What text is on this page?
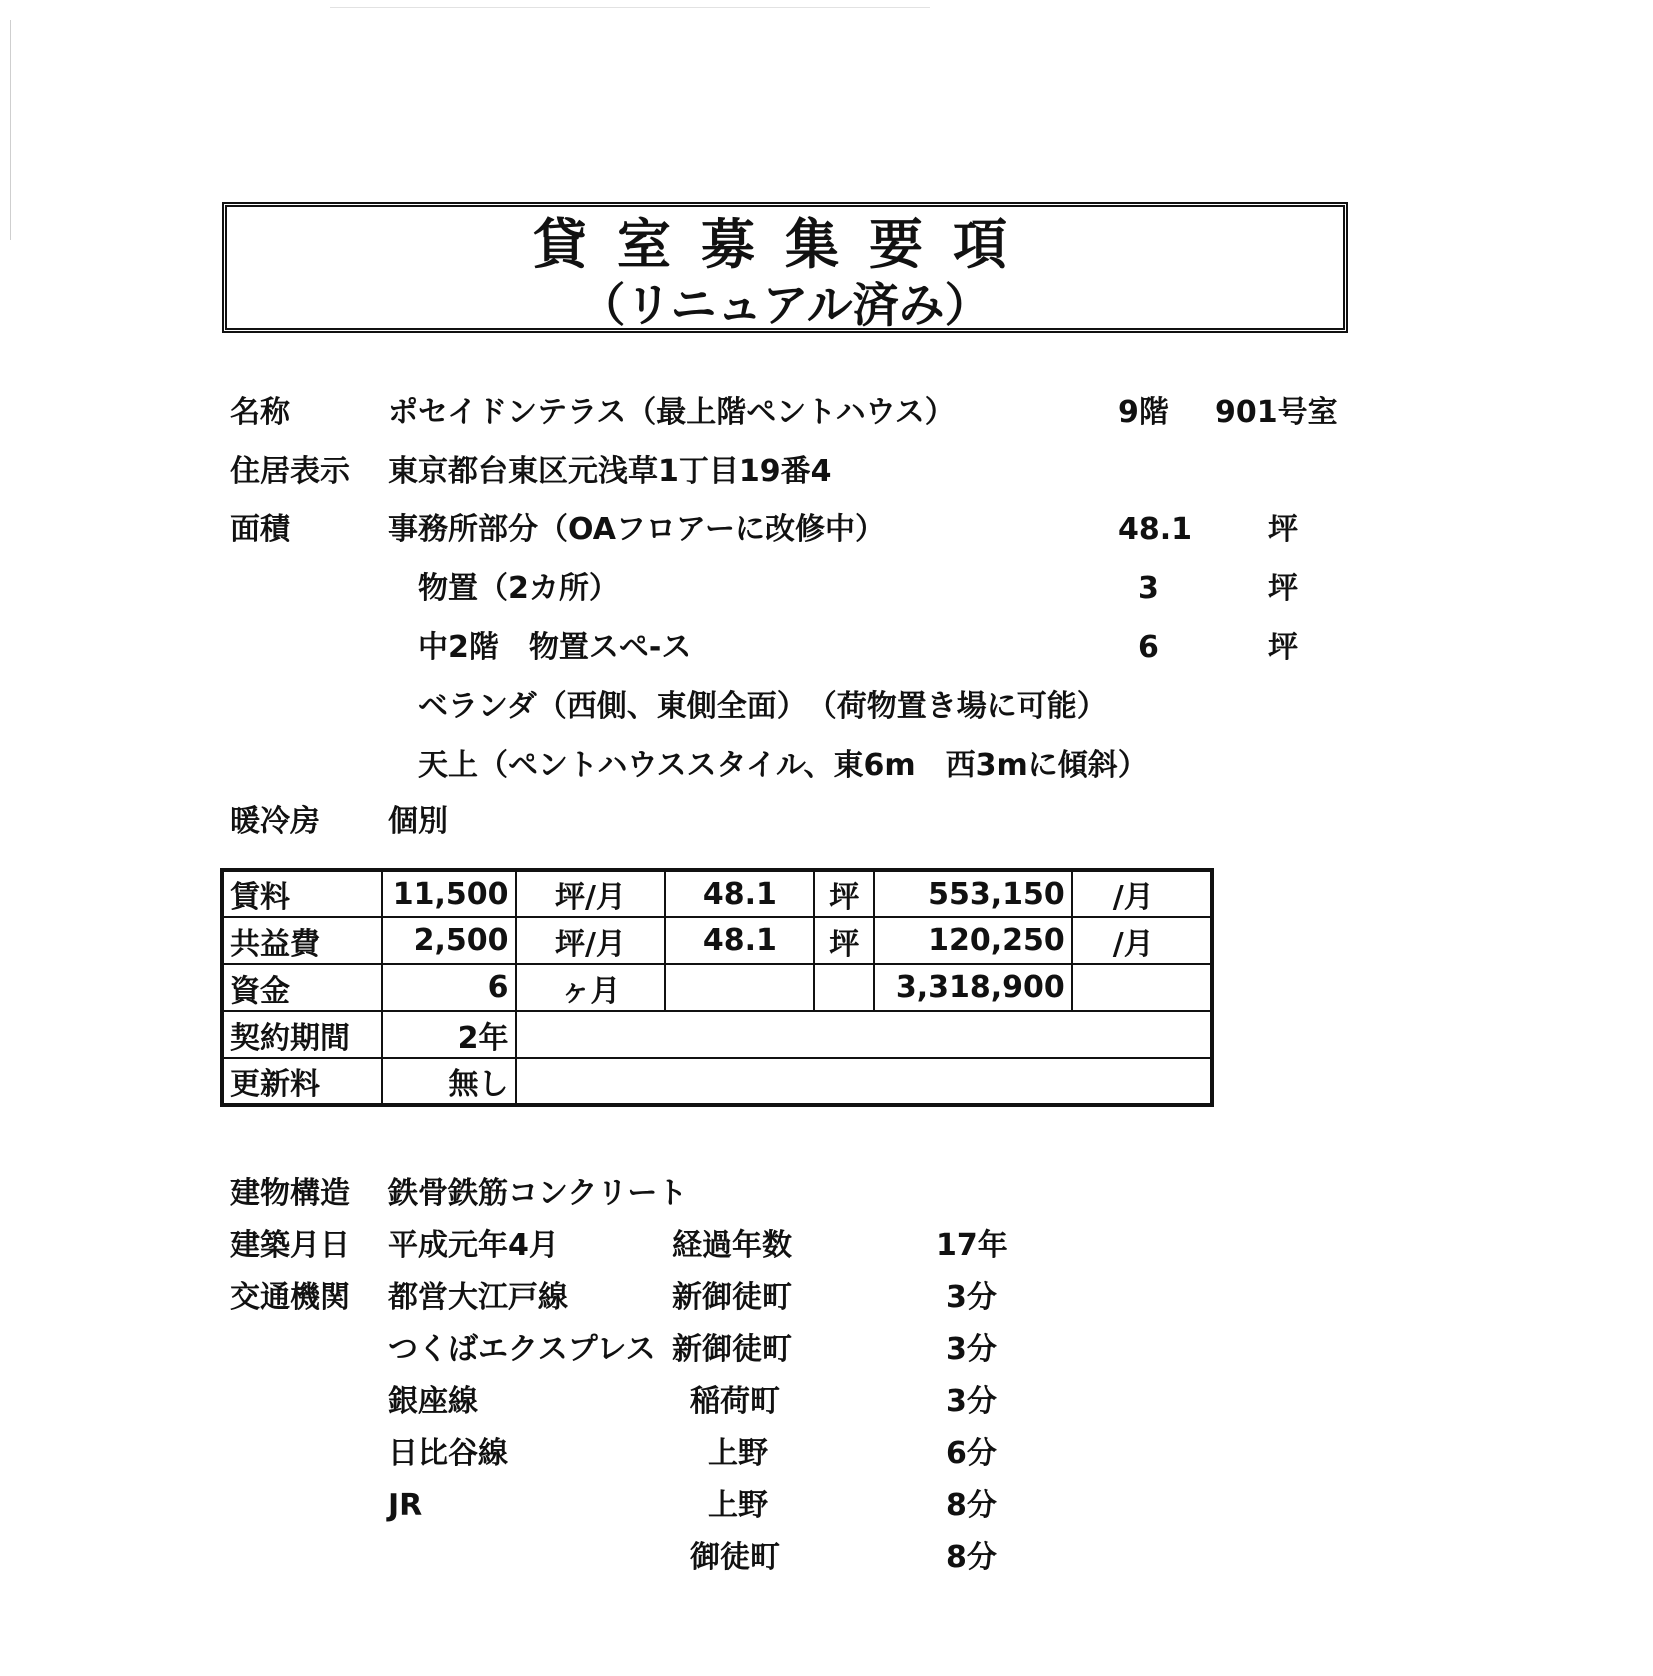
貸室募集要項
（リニュアル済み）
名称	ポセイドンテラス（最上階ペントハウス）	9階 901号室
住居表示 東京都台東区元浅草1丁目19番4
面積	事務所部分（OAフロアーに改修中）	48.1	坪
物置（2カ所）	3	坪
中2階　物置スペ-ス	6	坪
ベランダ（西側、東側全面）　（荷物置き場に可能）
天上（ペントハウススタイル、東6m　西3mに傾斜）
暖冷房 個別
賃料	11,500	坪/月	48.1	坪	553,150	/月
共益費	2,500	坪/月	48.1	坪	120,250	/月
資金	6	ヶ月			3,318,900	
契約期間	2年					
更新料	無し					
建物構造 鉄骨鉄筋コンクリート
建築月日 平成元年4月	経過年数	17年
交通機関 都営大江戸線	新御徒町	3分
つくばエクスプレス 新御徒町	3分
銀座線	稲荷町	3分
日比谷線	上野	6分
JR	上野	8分
御徒町	8分
